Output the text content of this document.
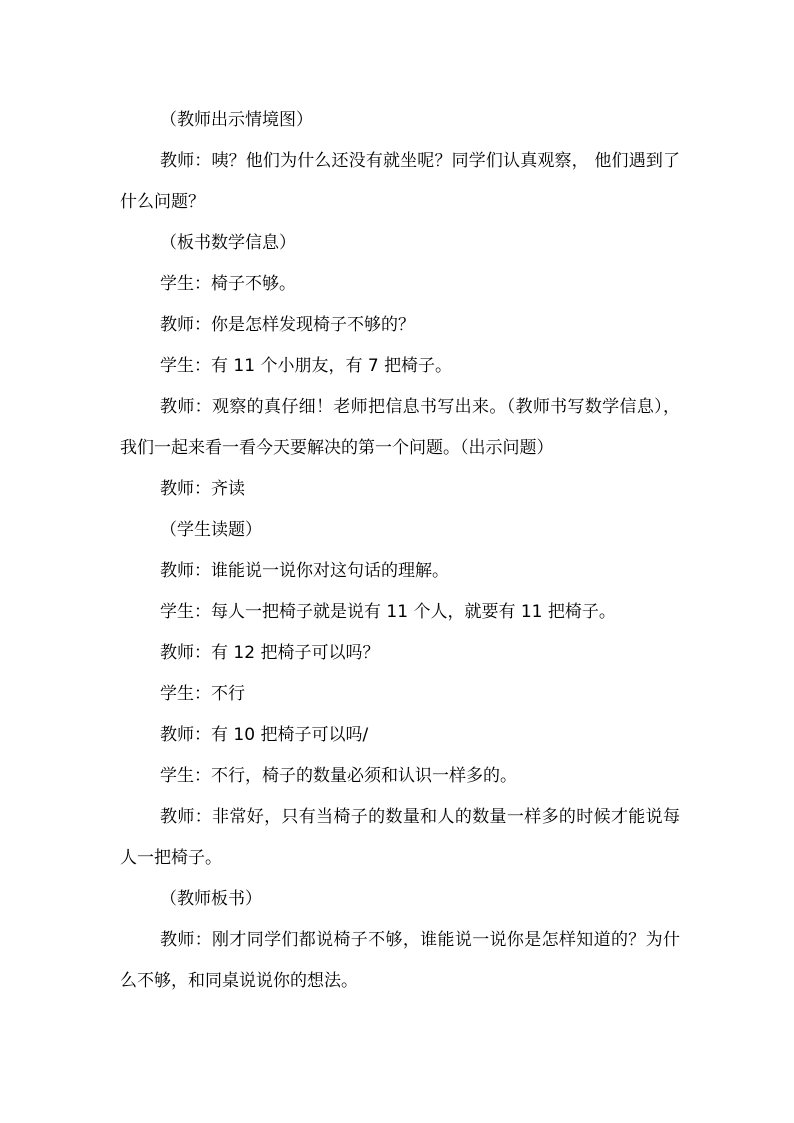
（教师出示情境图）

教师：咦？他们为什么还没有就坐呢？同学们认真观察， 他们遇到了什么问题？

（板书数学信息）

学生：椅子不够。

教师：你是怎样发现椅子不够的？

学生：有 11 个小朋友，有 7 把椅子。

教师：观察的真仔细！老师把信息书写出来。（教师书写数学信息），我们一起来看一看今天要解决的第一个问题。（出示问题）

教师：齐读

（学生读题）

教师：谁能说一说你对这句话的理解。

学生：每人一把椅子就是说有 11 个人，就要有 11 把椅子。

教师：有 12 把椅子可以吗？

学生：不行

教师：有 10 把椅子可以吗/

学生：不行，椅子的数量必须和认识一样多的。

教师：非常好，只有当椅子的数量和人的数量一样多的时候才能说每人一把椅子。

（教师板书）

教师：刚才同学们都说椅子不够，谁能说一说你是怎样知道的？为什么不够，和同桌说说你的想法。
